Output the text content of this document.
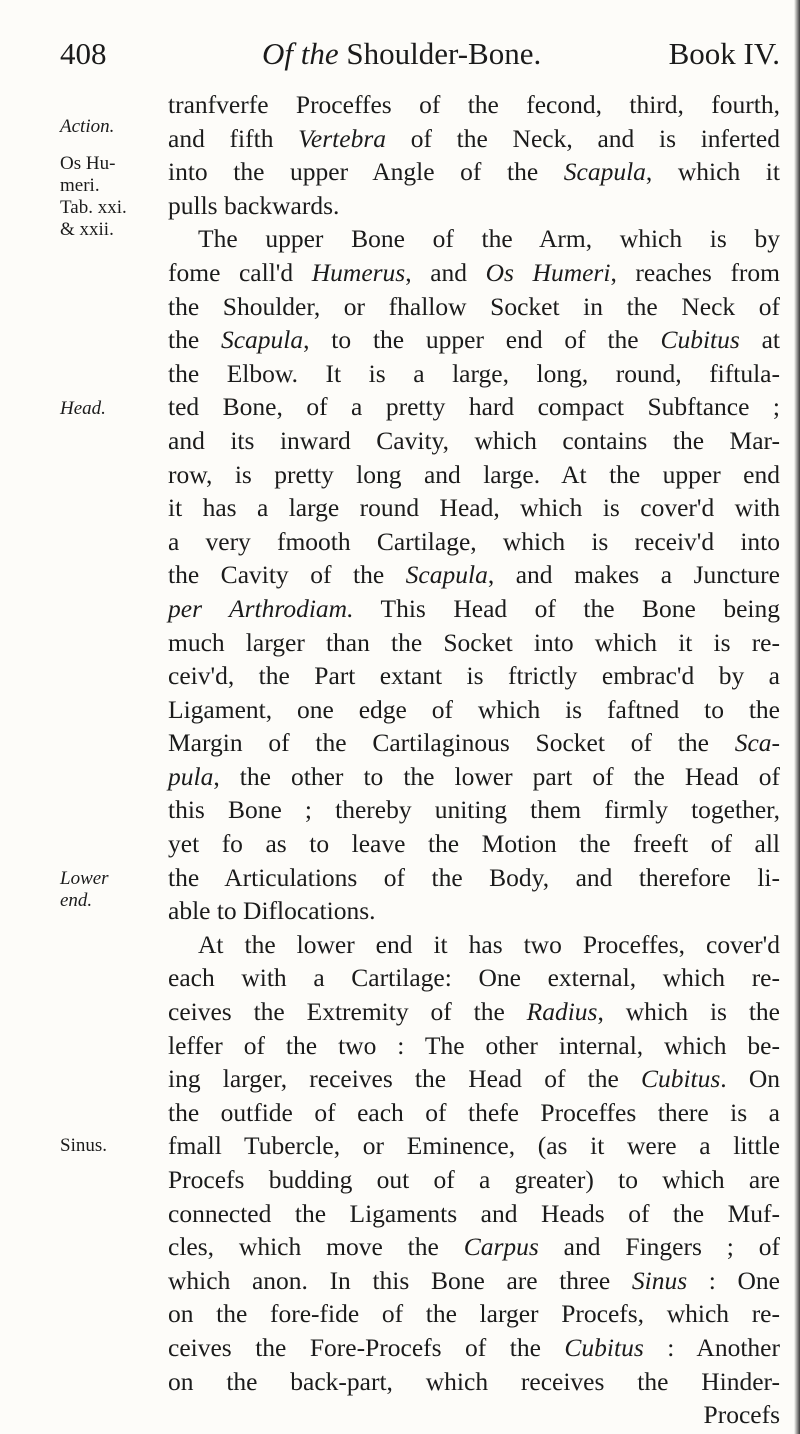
408	Of the Shoulder-Bone.	Book IV.
Action.
Os Hu-
meri.
Tab. xxi.
& xxii.
Head.
Lower
end.
Sinus.
tranfverfe Proceffes of the fecond, third, fourth,
and fifth Vertebra of the Neck, and is inferted
into the upper Angle of the Scapula, which it
pulls backwards.
The upper Bone of the Arm, which is by
fome call'd Humerus, and Os Humeri, reaches from
the Shoulder, or fhallow Socket in the Neck of
the Scapula, to the upper end of the Cubitus at
the Elbow. It is a large, long, round, fiftula-
ted Bone, of a pretty hard compact Subftance ;
and its inward Cavity, which contains the Mar-
row, is pretty long and large. At the upper end
it has a large round Head, which is cover'd with
a very fmooth Cartilage, which is receiv'd into
the Cavity of the Scapula, and makes a Juncture
per Arthrodiam. This Head of the Bone being
much larger than the Socket into which it is re-
ceiv'd, the Part extant is ftrictly embrac'd by a
Ligament, one edge of which is faftned to the
Margin of the Cartilaginous Socket of the Sca-
pula, the other to the lower part of the Head of
this Bone ; thereby uniting them firmly together,
yet fo as to leave the Motion the freeft of all
the Articulations of the Body, and therefore li-
able to Diflocations.
At the lower end it has two Proceffes, cover'd
each with a Cartilage: One external, which re-
ceives the Extremity of the Radius, which is the
leffer of the two : The other internal, which be-
ing larger, receives the Head of the Cubitus. On
the outfide of each of thefe Proceffes there is a
fmall Tubercle, or Eminence, (as it were a little
Procefs budding out of a greater) to which are
connected the Ligaments and Heads of the Muf-
cles, which move the Carpus and Fingers ; of
which anon. In this Bone are three Sinus : One
on the fore-fide of the larger Procefs, which re-
ceives the Fore-Procefs of the Cubitus : Another
on the back-part, which receives the Hinder-
Procefs
